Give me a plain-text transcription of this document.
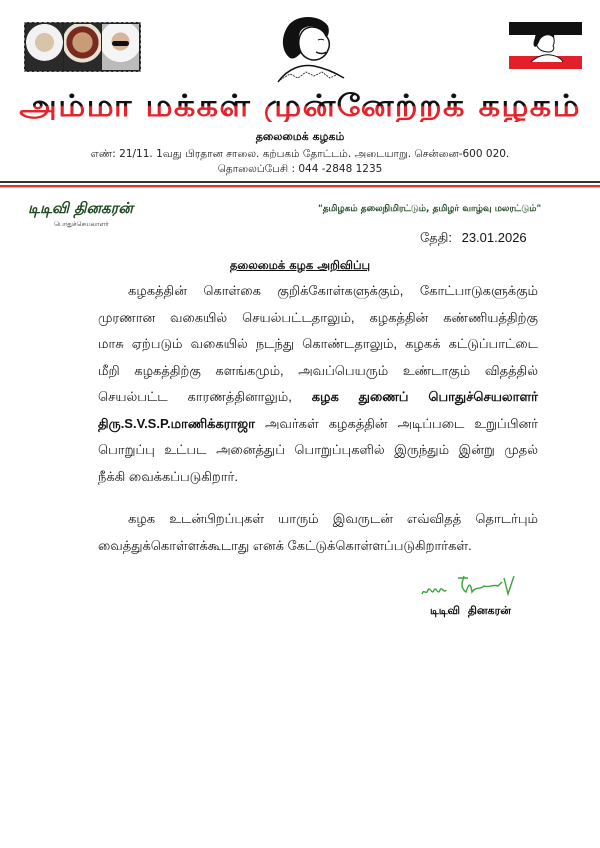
அம்மா மக்கள் முன்னேற்றக் கழகம்
தலைமைக் கழகம்
எண்: 21/11. 1வது பிரதான சாலை. கற்பகம் தோட்டம். அடையாறு. சென்னை-600 020.
தொலைப்பேசி : 044 -2848 1235
டிடிவி தினகரன்
பொதுச்செயலாளர்
"தமிழகம் தலைநிமிரட்டும், தமிழர் வாழ்வு மலரட்டும்"
தேதி: 23.01.2026
தலைமைக் கழக அறிவிப்பு
கழகத்தின் கொள்கை குறிக்கோள்களுக்கும், கோட்பாடுகளுக்கும்
முரணான வகையில் செயல்பட்டதாலும், கழகத்தின் கண்ணியத்திற்கு
மாசு ஏற்படும் வகையில் நடந்து கொண்டதாலும், கழகக் கட்டுப்பாட்டை
மீறி கழகத்திற்கு களங்கமும், அவப்பெயரும் உண்டாகும் விதத்தில்
செயல்பட்ட காரணத்தினாலும், கழக துணைப் பொதுச்செயலாளர்
திரு.S.V.S.P.மாணிக்கராஜா அவர்கள் கழகத்தின் அடிப்படை உறுப்பினர்
பொறுப்பு உட்பட அனைத்துப் பொறுப்புகளில் இருந்தும் இன்று முதல்
நீக்கி வைக்கப்படுகிறார்.
கழக உடன்பிறப்புகள் யாரும் இவருடன் எவ்விதத் தொடர்பும்
வைத்துக்கொள்ளக்கூடாது எனக் கேட்டுக்கொள்ளப்படுகிறார்கள்.
டிடிவி தினகரன்
